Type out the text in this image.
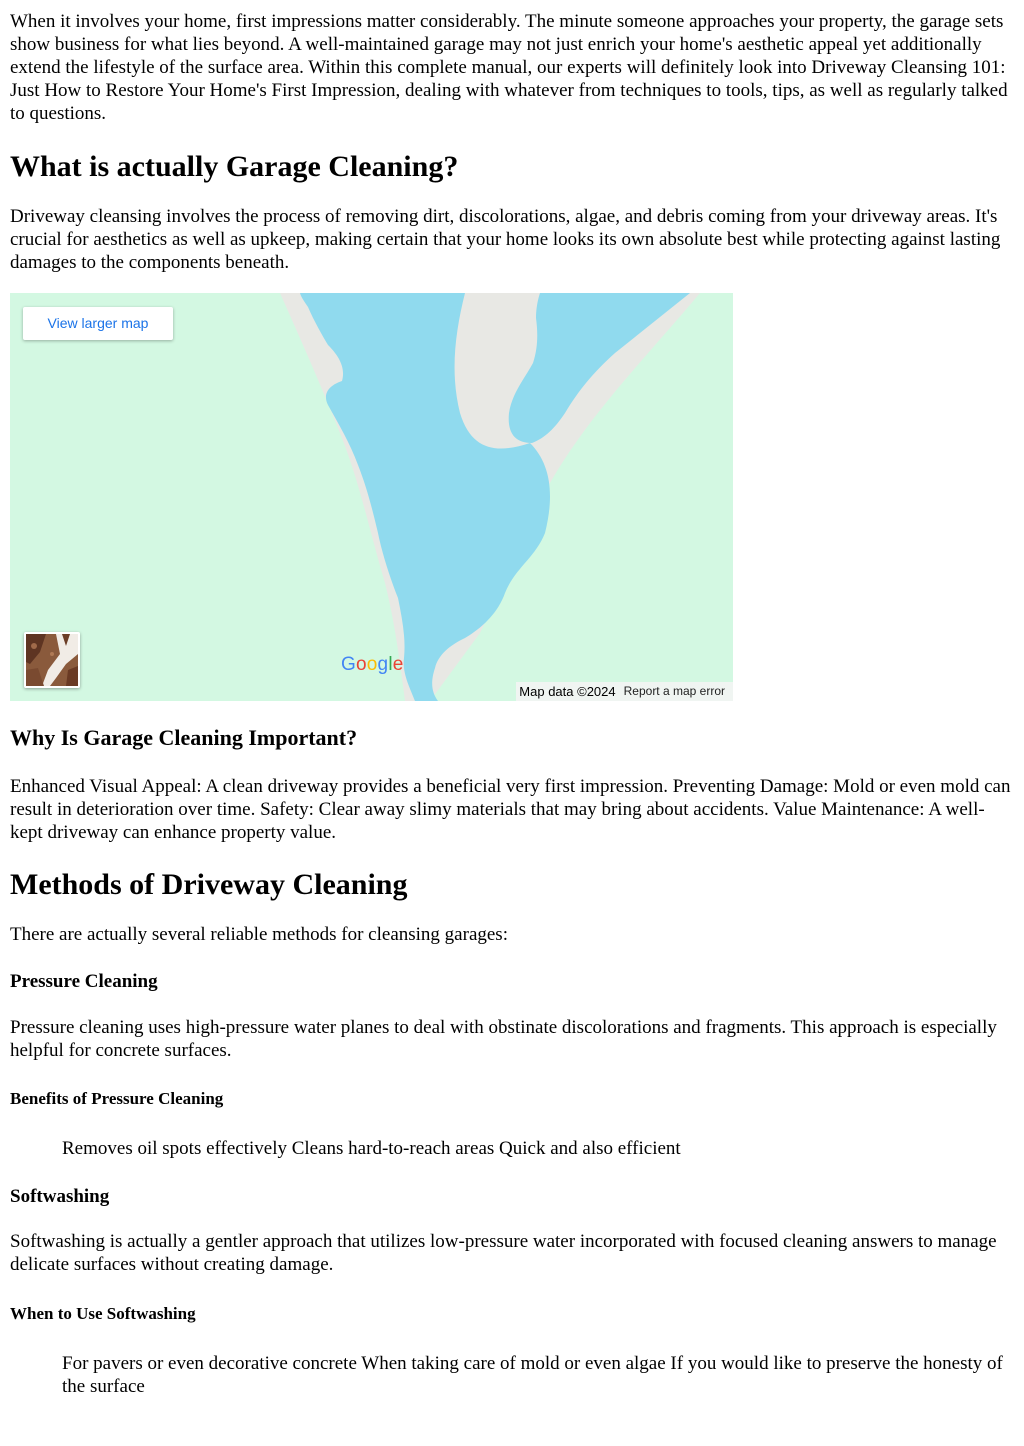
When it involves your home, first impressions matter considerably. The minute someone approaches your property, the garage sets show business for what lies beyond. A well-maintained garage may not just enrich your home's aesthetic appeal yet additionally extend the lifestyle of the surface area. Within this complete manual, our experts will definitely look into Driveway Cleansing 101: Just How to Restore Your Home's First Impression, dealing with whatever from techniques to tools, tips, as well as regularly talked to questions.

What is actually Garage Cleaning?

Driveway cleansing involves the process of removing dirt, discolorations, algae, and debris coming from your driveway areas. It's crucial for aesthetics as well as upkeep, making certain that your home looks its own absolute best while protecting against lasting damages to the components beneath.

View larger map
Google
Map data ©2024 Report a map error
Why Is Garage Cleaning Important?

Enhanced Visual Appeal: A clean driveway provides a beneficial very first impression. Preventing Damage: Mold or even mold can result in deterioration over time. Safety: Clear away slimy materials that may bring about accidents. Value Maintenance: A well-kept driveway can enhance property value.

Methods of Driveway Cleaning

There are actually several reliable methods for cleansing garages:

Pressure Cleaning

Pressure cleaning uses high-pressure water planes to deal with obstinate discolorations and fragments. This approach is especially helpful for concrete surfaces.

Benefits of Pressure Cleaning

Removes oil spots effectively Cleans hard-to-reach areas Quick and also efficient

Softwashing

Softwashing is actually a gentler approach that utilizes low-pressure water incorporated with focused cleaning answers to manage delicate surfaces without creating damage.

When to Use Softwashing

For pavers or even decorative concrete When taking care of mold or even algae If you would like to preserve the honesty of the surface
